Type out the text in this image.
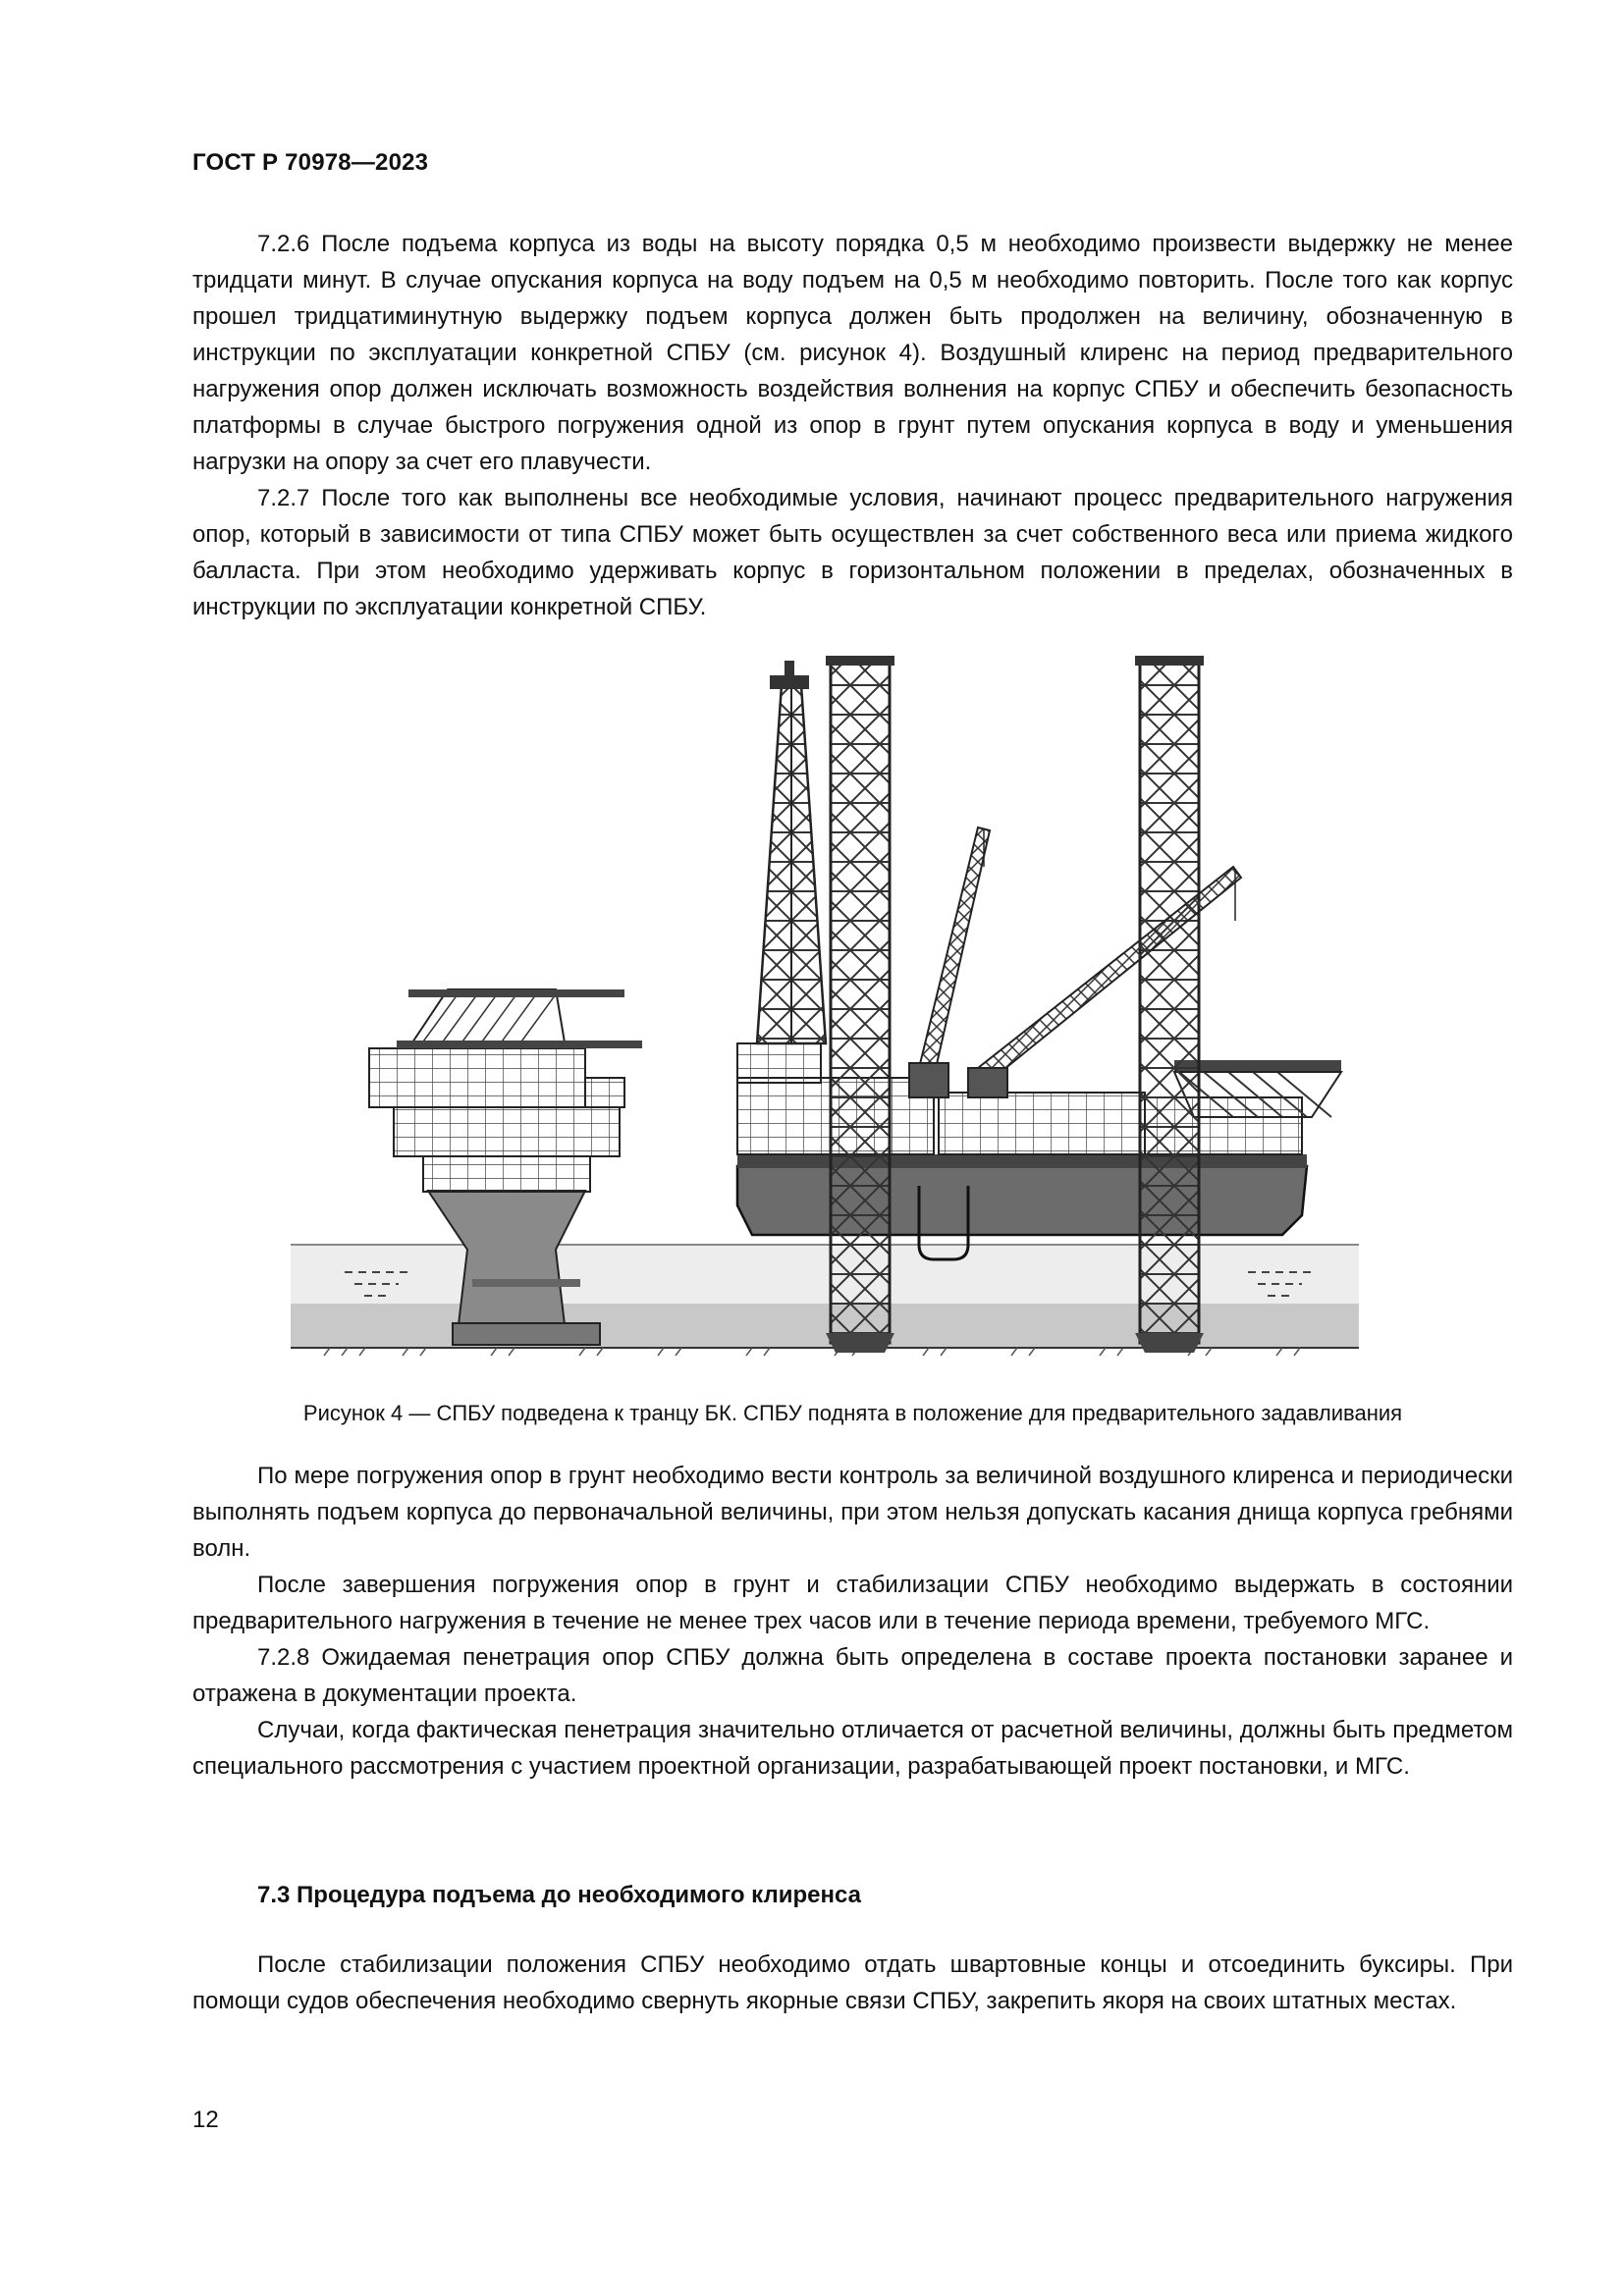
ГОСТ Р 70978—2023

7.2.6 После подъема корпуса из воды на высоту порядка 0,5 м необходимо произвести выдержку не менее тридцати минут. В случае опускания корпуса на воду подъем на 0,5 м необходимо повторить. После того как корпус прошел тридцатиминутную выдержку подъем корпуса должен быть продолжен на величину, обозначенную в инструкции по эксплуатации конкретной СПБУ (см. рисунок 4). Воздушный клиренс на период предварительного нагружения опор должен исключать возможность воздействия волнения на корпус СПБУ и обеспечить безопасность платформы в случае быстрого погружения одной из опор в грунт путем опускания корпуса в воду и уменьшения нагрузки на опору за счет его плавучести.

7.2.7 После того как выполнены все необходимые условия, начинают процесс предварительного нагружения опор, который в зависимости от типа СПБУ может быть осуществлен за счет собственного веса или приема жидкого балласта. При этом необходимо удерживать корпус в горизонтальном положении в пределах, обозначенных в инструкции по эксплуатации конкретной СПБУ.

Рисунок 4 — СПБУ подведена к транцу БК. СПБУ поднята в положение для предварительного задавливания

По мере погружения опор в грунт необходимо вести контроль за величиной воздушного клиренса и периодически выполнять подъем корпуса до первоначальной величины, при этом нельзя допускать касания днища корпуса гребнями волн.

После завершения погружения опор в грунт и стабилизации СПБУ необходимо выдержать в состоянии предварительного нагружения в течение не менее трех часов или в течение периода времени, требуемого МГС.

7.2.8 Ожидаемая пенетрация опор СПБУ должна быть определена в составе проекта постановки заранее и отражена в документации проекта.

Случаи, когда фактическая пенетрация значительно отличается от расчетной величины, должны быть предметом специального рассмотрения с участием проектной организации, разрабатывающей проект постановки, и МГС.

7.3 Процедура подъема до необходимого клиренса

После стабилизации положения СПБУ необходимо отдать швартовные концы и отсоединить буксиры. При помощи судов обеспечения необходимо свернуть якорные связи СПБУ, закрепить якоря на своих штатных местах.

12
